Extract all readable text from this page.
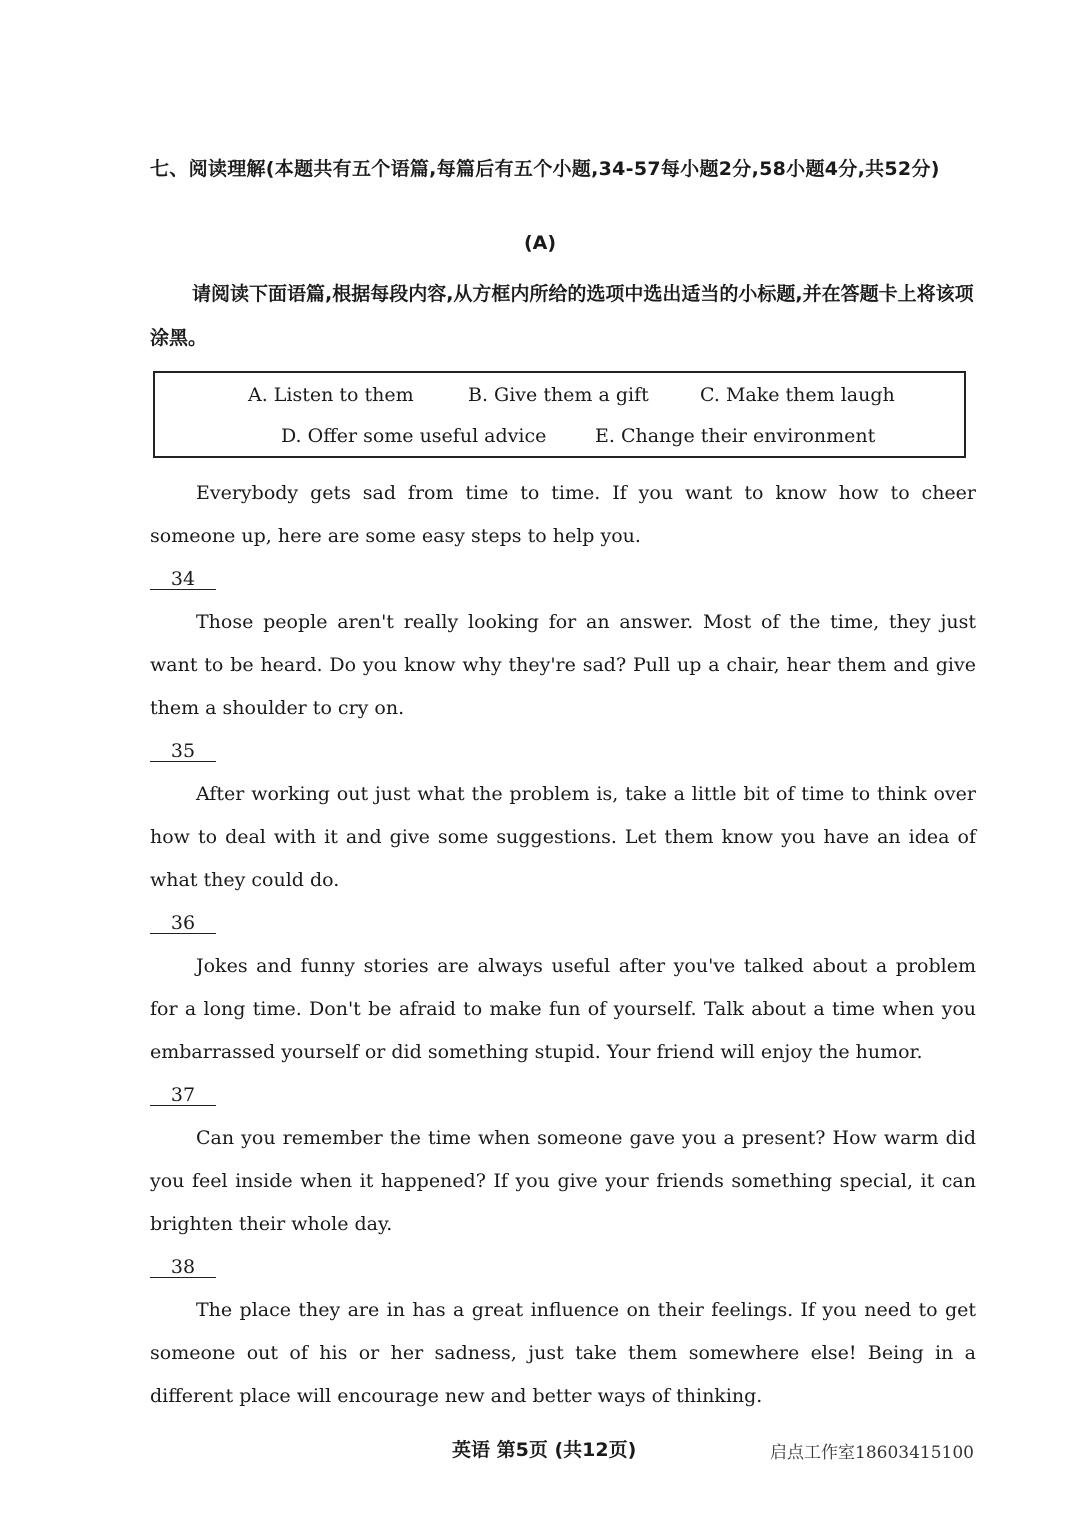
七、阅读理解(本题共有五个语篇,每篇后有五个小题,34-57每小题2分,58小题4分,共52分)
(A)
请阅读下面语篇,根据每段内容,从方框内所给的选项中选出适当的小标题,并在答题卡上将该项涂黑。
A. Listen to them	B. Give them a gift	C. Make them laugh
D. Offer some useful advice	E. Change their environment

Everybody gets sad from time to time. If you want to know how to cheer someone up, here are some easy steps to help you.

34

Those people aren't really looking for an answer. Most of the time, they just want to be heard. Do you know why they're sad? Pull up a chair, hear them and give them a shoulder to cry on.

35

After working out just what the problem is, take a little bit of time to think over how to deal with it and give some suggestions. Let them know you have an idea of what they could do.

36

Jokes and funny stories are always useful after you've talked about a problem for a long time. Don't be afraid to make fun of yourself. Talk about a time when you embarrassed yourself or did something stupid. Your friend will enjoy the humor.

37

Can you remember the time when someone gave you a present? How warm did you feel inside when it happened? If you give your friends something special, it can brighten their whole day.

38

The place they are in has a great influence on their feelings. If you need to get someone out of his or her sadness, just take them somewhere else! Being in a different place will encourage new and better ways of thinking.

英语 第5页 (共12页)	启点工作室18603415100
